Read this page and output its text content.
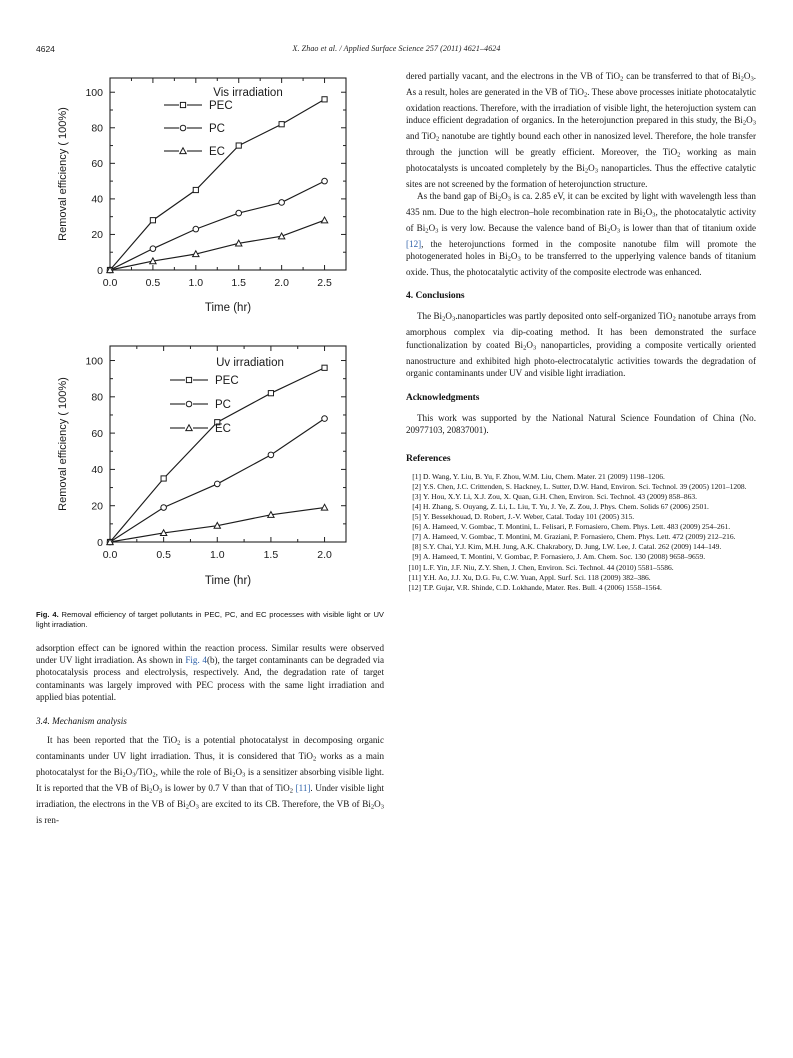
4624	X. Zhao et al. / Applied Surface Science 257 (2011) 4621–4624
0.0	0.5	1.0	1.5	2.0	2.5
0
20
40
60
80
100
PEC
PC
EC
Vis irradiation
Time (hr)
Removal efficiency ( 100%)
0.0	0.5	1.0	1.5	2.0
0
20
40
60
80
100
PEC
PC
EC
Uv irradiation
Time (hr)
Removal efficiency ( 100%)
Fig. 4. Removal efficiency of target pollutants in PEC, PC, and EC processes with visible light or UV light irradiation.

adsorption effect can be ignored within the reaction process. Similar results were observed under UV light irradiation. As shown in Fig. 4(b), the target contaminants can be degraded via photocatalysis process and electrolysis, respectively. And, the degradation rate of target contaminants was largely improved with PEC process with the same light irradiation and applied bias potential.

3.4. Mechanism analysis

It has been reported that the TiO$_2$ is a potential photocatalyst in decomposing organic contaminants under UV light irradiation. Thus, it is considered that TiO$_2$ works as a main photocatalyst for the $Bi_2O_3/TiO_2$, while the role of $Bi_2O_3$ is a sensitizer absorbing visible light. It is reported that the VB of $Bi_2O_3$ is lower by 0.7 V than that of TiO$_2$ [11]. Under visible light irradiation, the electrons in the VB of $Bi_2O_3$ are excited to its CB. Therefore, the VB of $Bi_2O_3$ is ren-

dered partially vacant, and the electrons in the VB of TiO$_2$ can be transferred to that of $Bi_2O_3$. As a result, holes are generated in the VB of TiO$_2$. These above processes initiate photocatalytic oxidation reactions. Therefore, with the irradiation of visible light, the heterojuction system can induce efficient degradation of organics. In the heterojunction prepared in this study, the $Bi_2O_3$ and TiO$_2$ nanotube are tightly bound each other in nanosized level. Therefore, the hole transfer through the junction will be greatly efficient. Moreover, the TiO$_2$ working as main photocatalysts is uncoated completely by the $Bi_2O_3$ nanoparticles. Thus the effective catalytic sites are not screened by the formation of heterojunction structure.

As the band gap of $Bi_2O_3$ is ca. 2.85 eV, it can be excited by light with wavelength less than 435 nm. Due to the high electron–hole recombination rate in $Bi_2O_3$, the photocatalytic activity of $Bi_2O_3$ is very low. Because the valence band of $Bi_2O_3$ is lower than that of titanium oxide [12], the heterojunctions formed in the composite nanotube film will promote the photogenerated holes in $Bi_2O_3$ to be transferred to the upperlying valence bands of titanium oxide. Thus, the photocatalytic activity of the composite electrode was enhanced.

4. Conclusions

The $Bi_2O_3.nanoparticles$ was partly deposited onto self-organized TiO$_2$ nanotube arrays from amorphous complex via dip-coating method. It has been demonstrated the surface functionalization by coated $Bi_2O_3$ nanoparticles, providing a composite vertically oriented nanostructure and exhibited high photo-electrocatalytic activities towards the degradation of organic contaminants under UV and visible light irradiation.

Acknowledgments

This work was supported by the National Natural Science Foundation of China (No. 20977103, 20837001).

References
[1] D. Wang, Y. Liu, B. Yu, F. Zhou, W.M. Liu, Chem. Mater. 21 (2009) 1198–1206.
[2] Y.S. Chen, J.C. Crittenden, S. Hackney, L. Sutter, D.W. Hand, Environ. Sci. Technol. 39 (2005) 1201–1208.
[3] Y. Hou, X.Y. Li, X.J. Zou, X. Quan, G.H. Chen, Environ. Sci. Technol. 43 (2009) 858–863.
[4] H. Zhang, S. Ouyang, Z. Li, L. Liu, T. Yu, J. Ye, Z. Zou, J. Phys. Chem. Solids 67 (2006) 2501.
[5] Y. Bessekhouad, D. Robert, J.-V. Weber, Catal. Today 101 (2005) 315.
[6] A. Hameed, V. Gombac, T. Montini, L. Felisari, P. Fornasiero, Chem. Phys. Lett. 483 (2009) 254–261.
[7] A. Hameed, V. Gombac, T. Montini, M. Graziani, P. Fornasiero, Chem. Phys. Lett. 472 (2009) 212–216.
[8] S.Y. Chai, Y.J. Kim, M.H. Jung, A.K. Chakrabory, D. Jung, I.W. Lee, J. Catal. 262 (2009) 144–149.
[9] A. Hameed, T. Montini, V. Gombac, P. Fornasiero, J. Am. Chem. Soc. 130 (2008) 9658–9659.
[10] L.F. Yin, J.F. Niu, Z.Y. Shen, J. Chen, Environ. Sci. Technol. 44 (2010) 5581–5586.
[11] Y.H. Ao, J.J. Xu, D.G. Fu, C.W. Yuan, Appl. Surf. Sci. 118 (2009) 382–386.
[12] T.P. Gujar, V.R. Shinde, C.D. Lokhande, Mater. Res. Bull. 4 (2006) 1558–1564.
